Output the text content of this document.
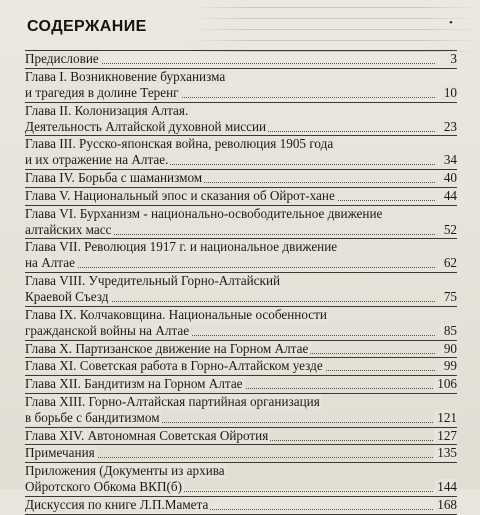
СОДЕРЖАНИЕ	•
Предисловие	3
Глава I. Возникновение бурханизма
и трагедия в долине Теренг	10
Глава II. Колонизация Алтая.
Деятельность Алтайской духовной миссии	23
Глава III. Русско-японская война, революция 1905 года
и их отражение на Алтае.	34
Глава IV. Борьба с шаманизмом	40
Глава V. Национальный эпос и сказания об Ойрот-хане	44
Глава VI. Бурханизм - национально-освободительное движение
алтайских масс	52
Глава VII. Революция 1917 г. и национальное движение
на Алтае	62
Глава VIII. Учредительный Горно-Алтайский
Краевой Съезд	75
Глава IX. Колчаковщина. Национальные особенности
гражданской войны на Алтае	85
Глава X. Партизанское движение на Горном Алтае	90
Глава XI. Советская работа в Горно-Алтайском уезде	99
Глава XII. Бандитизм на Горном Алтае	106
Глава XIII. Горно-Алтайская партийная организация
в борьбе с бандитизмом	121
Глава XIV. Автономная Советская Ойротия	127
Примечания	135
Приложения (Документы из архива
Ойротского Обкома ВКП(б)	144
Дискуссия по книге Л.П.Мамета	168
